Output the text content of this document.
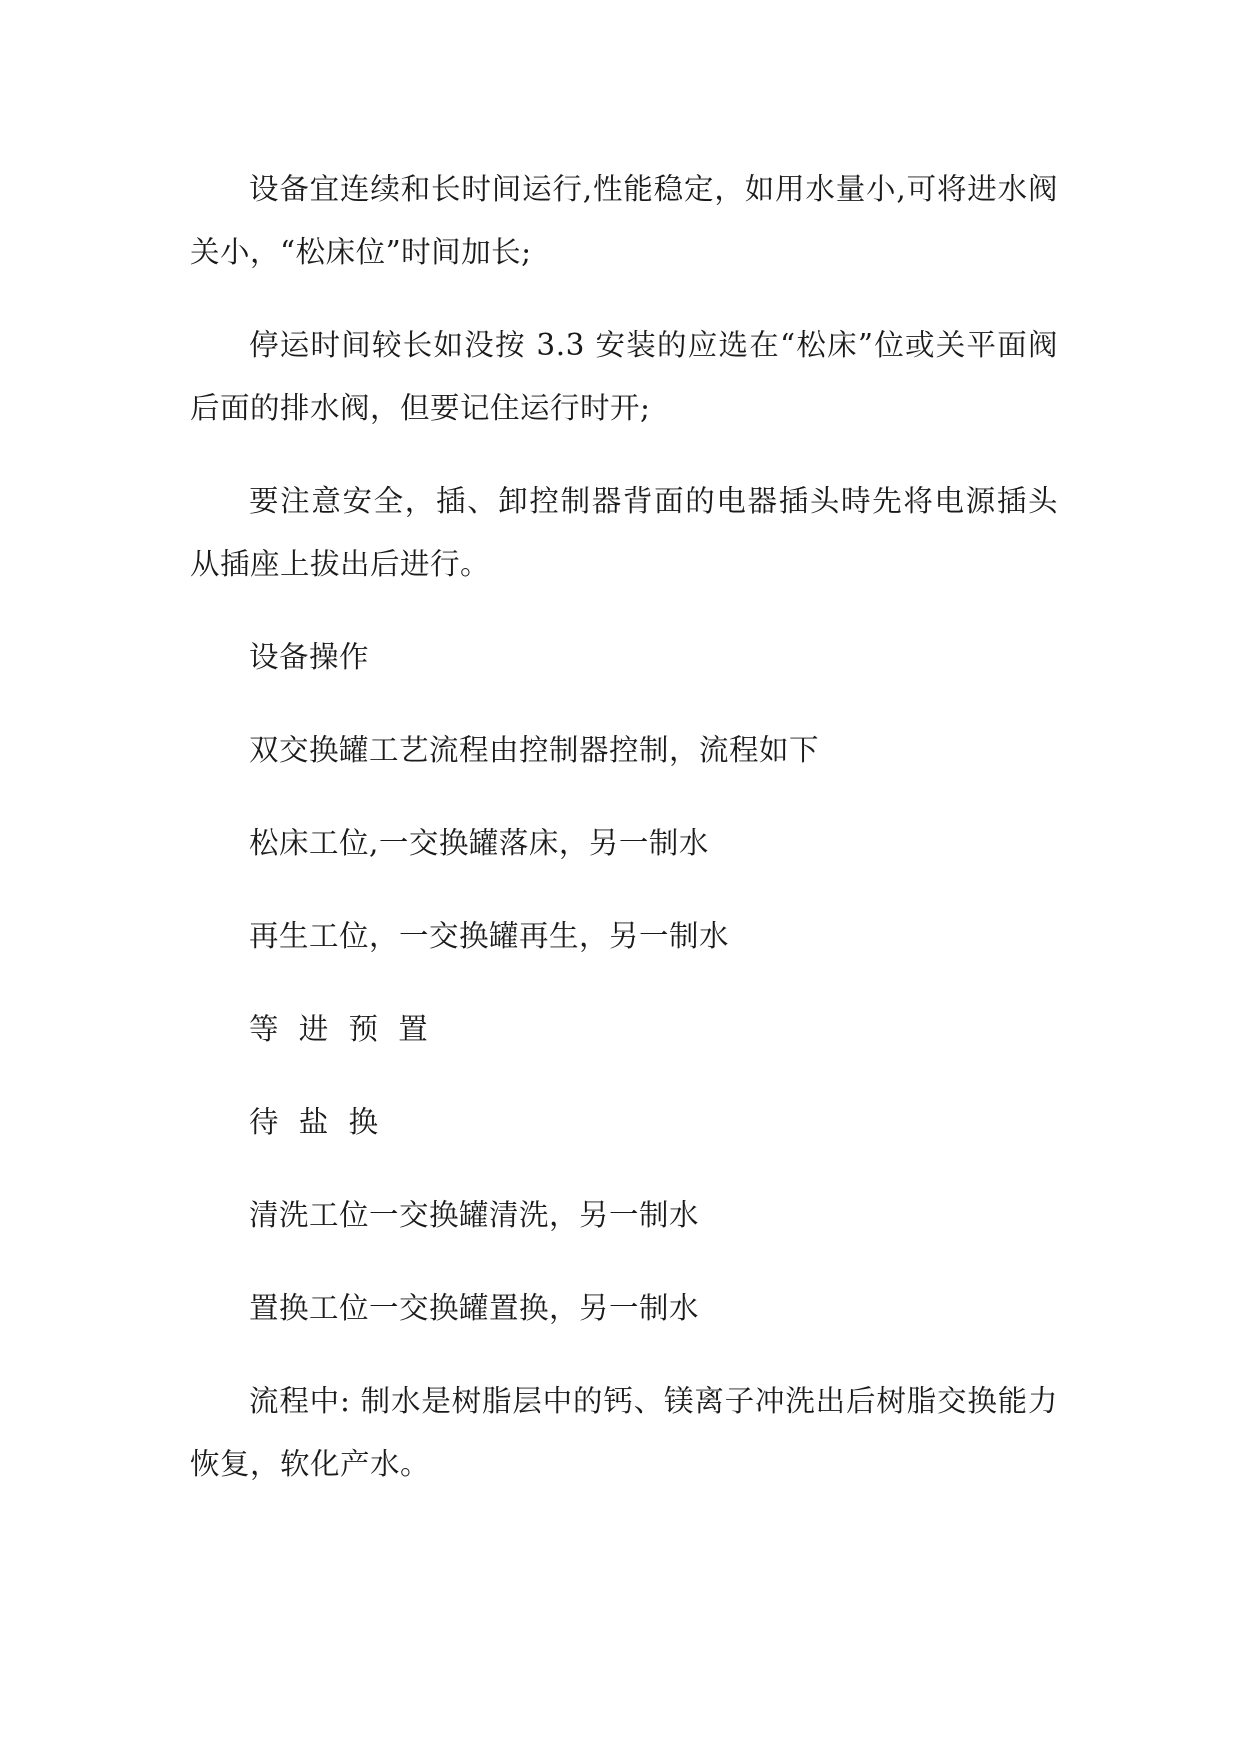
设备宜连续和长时间运行,性能稳定，如用水量小,可将进水阀关小，“松床位”时间加长;

停运时间较长如没按 3.3 安装的应选在“松床”位或关平面阀后面的排水阀，但要记住运行时开;

要注意安全，插、卸控制器背面的电器插头時先将电源插头从插座上拔出后进行。

设备操作

双交换罐工艺流程由控制器控制，流程如下

松床工位,一交换罐落床，另一制水

再生工位，一交换罐再生，另一制水

等  进  预  置

待  盐  换

清洗工位一交换罐清洗，另一制水

置换工位一交换罐置换，另一制水

流程中: 制水是树脂层中的钙、镁离子冲洗出后树脂交换能力恢复，软化产水。
